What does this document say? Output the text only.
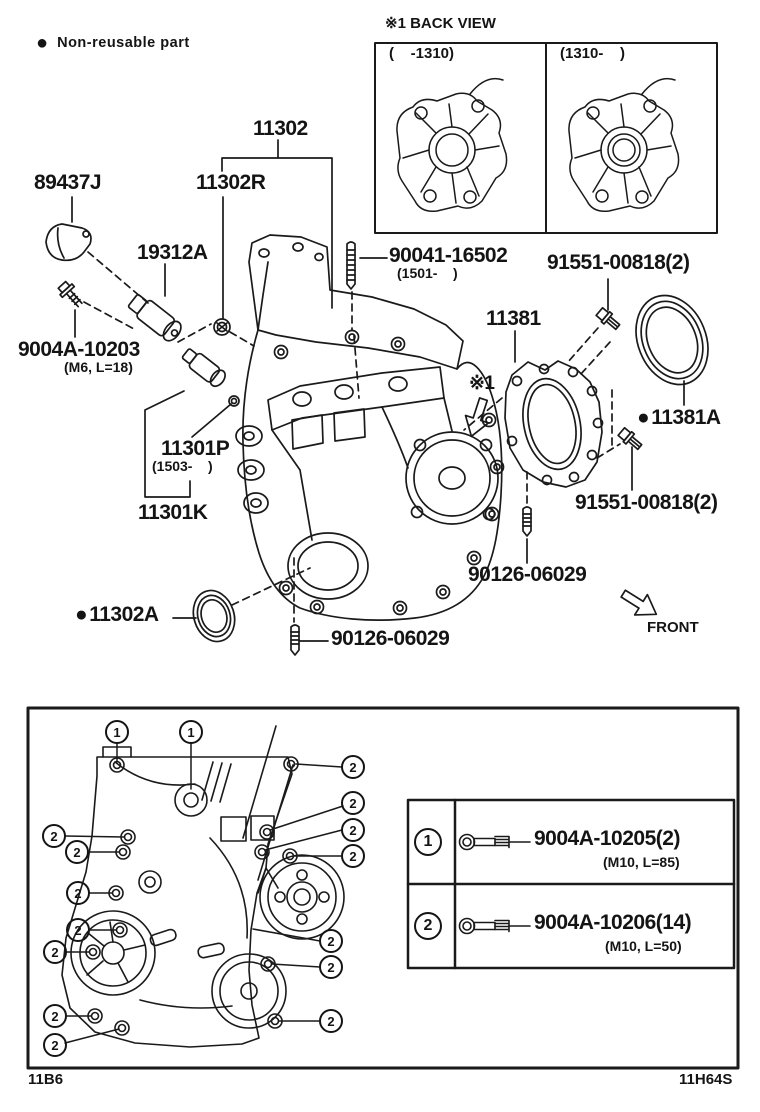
● Non-reusable part
※1 BACK VIEW
(    -1310)	(1310-    )
11302
11302R
89437J
19312A
9004A-10203
(M6, L=18)
90041-16502
(1501-    )	91551-00818(2)
11381
● 11381A
91551-00818(2)
11301P
(1503-    )
11301K
90126-06029
● 11302A
90126-06029
※1
FRONT
1	1
2
2
2
2
2
2
2
2
2
2
2
2
2
2
1
2
9004A-10205(2)
(M10, L=85)
9004A-10206(14)
(M10, L=50)
11B6	11H64S
